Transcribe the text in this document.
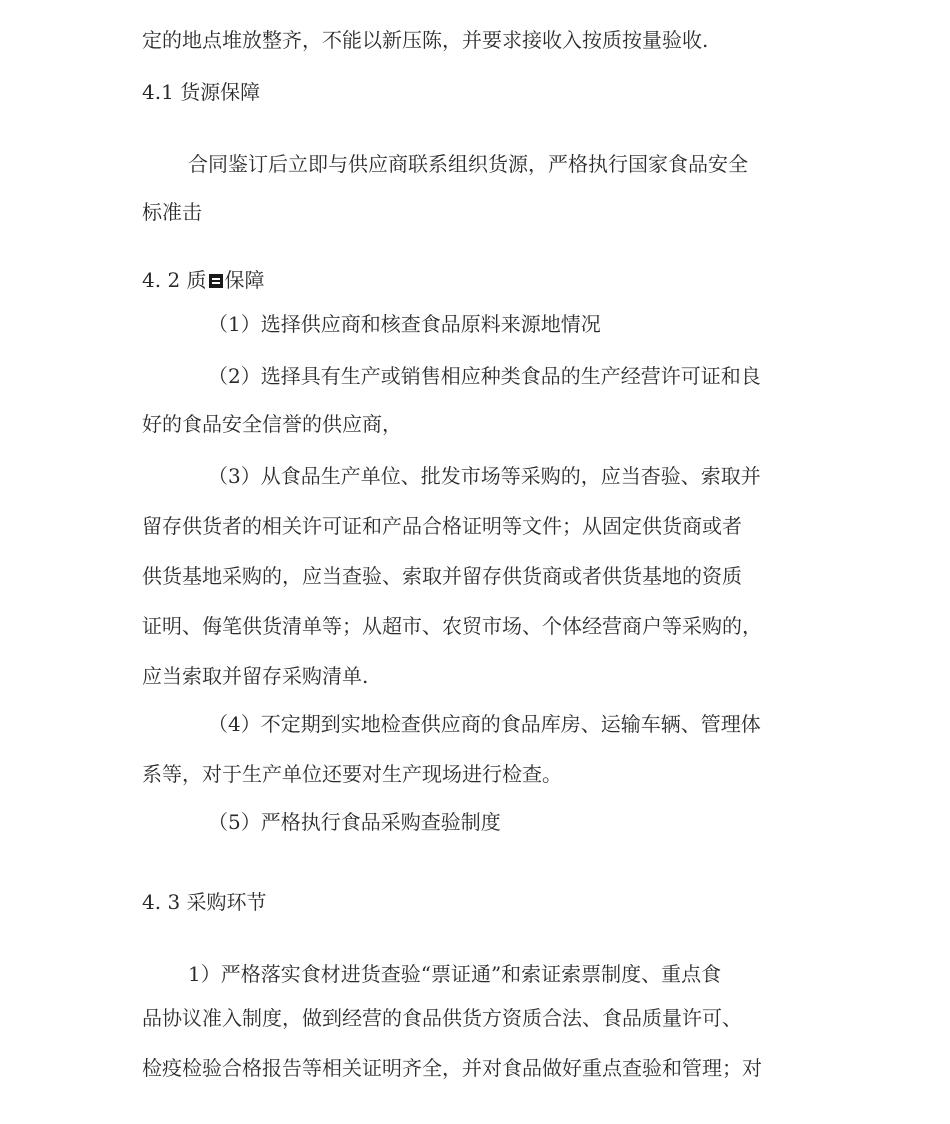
定的地点堆放整齐，不能以新压陈，并要求接收入按质按量验收.

4.1 货源保障

合同鉴订后立即与供应商联系组织货源，严格执行国家食品安全

标准击

4. 2 质 保障

（1）选择供应商和核查食品原料来源地情况

（2）选择具有生产或销售相应种类食品的生产经营许可证和良

好的食品安全信誉的供应商，

（3）从食品生产单位、批发市场等采购的，应当杳验、索取并

留存供货者的相关许可证和产品合格证明等文件；从固定供货商或者

供货基地采购的，应当查验、索取并留存供货商或者供货基地的资质

证明、侮笔供货清单等；从超市、农贸市场、个体经营商户等采购的，

应当索取并留存采购清单.

（4）不定期到实地检查供应商的食品库房、运输车辆、管理体

系等，对于生产单位还要对生产现场进行检查。

（5）严格执行食品采购查验制度

4. 3 采购环节

1）严格落实食材进货查验“票证通”和索证索票制度、重点食

品协议准入制度，做到经营的食品供货方资质合法、食品质量许可、

检疫检验合格报告等相关证明齐全，并对食品做好重点查验和管理；对
